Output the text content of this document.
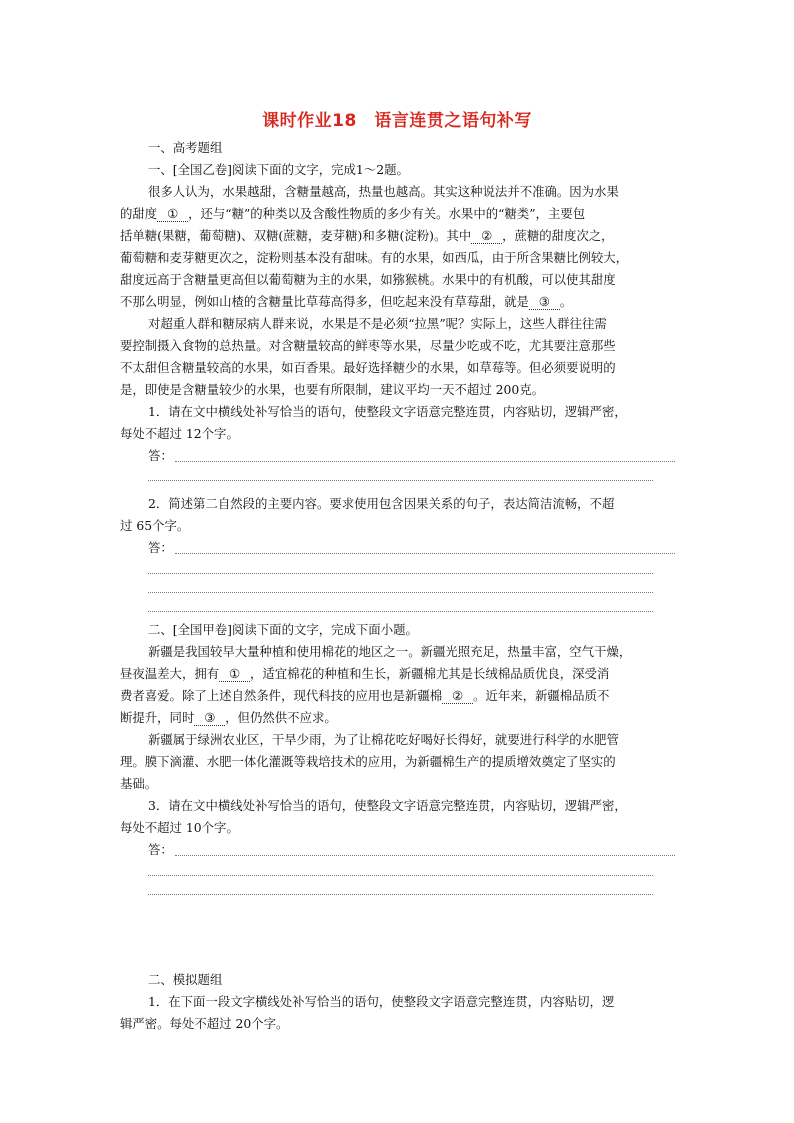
课时作业18　语言连贯之语句补写
一、高考题组
一、[全国乙卷]阅读下面的文字，完成1～2题。
很多人认为，水果越甜，含糖量越高，热量也越高。其实这种说法并不准确。因为水果
的甜度 ① ，还与“糖”的种类以及含酸性物质的多少有关。水果中的“糖类”，主要包
括单糖(果糖，葡萄糖)、双糖(蔗糖，麦芽糖)和多糖(淀粉)。其中 ② ，蔗糖的甜度次之，
葡萄糖和麦芽糖更次之，淀粉则基本没有甜味。有的水果，如西瓜，由于所含果糖比例较大，
甜度远高于含糖量更高但以葡萄糖为主的水果，如猕猴桃。水果中的有机酸，可以使其甜度
不那么明显，例如山楂的含糖量比草莓高得多，但吃起来没有草莓甜，就是 ③ 。
对超重人群和糖尿病人群来说，水果是不是必须“拉黑”呢？实际上，这些人群往往需
要控制摄入食物的总热量。对含糖量较高的鲜枣等水果，尽量少吃或不吃，尤其要注意那些
不太甜但含糖量较高的水果，如百香果。最好选择糖少的水果，如草莓等。但必须要说明的
是，即使是含糖量较少的水果，也要有所限制，建议平均一天不超过 200克。
1．请在文中横线处补写恰当的语句，使整段文字语意完整连贯，内容贴切，逻辑严密，
每处不超过 12个字。
答：
2．简述第二自然段的主要内容。要求使用包含因果关系的句子，表达简洁流畅，不超
过 65个字。
答：
二、[全国甲卷]阅读下面的文字，完成下面小题。
新疆是我国较早大量种植和使用棉花的地区之一。新疆光照充足，热量丰富，空气干燥，
昼夜温差大，拥有 ① ，适宜棉花的种植和生长，新疆棉尤其是长绒棉品质优良，深受消
费者喜爱。除了上述自然条件，现代科技的应用也是新疆棉 ② 。近年来，新疆棉品质不
断提升，同时 ③ ，但仍然供不应求。
新疆属于绿洲农业区，干旱少雨，为了让棉花吃好喝好长得好，就要进行科学的水肥管
理。膜下滴灌、水肥一体化灌溉等栽培技术的应用，为新疆棉生产的提质增效奠定了坚实的
基础。
3．请在文中横线处补写恰当的语句，使整段文字语意完整连贯，内容贴切，逻辑严密，
每处不超过 10个字。
答：
二、模拟题组
1．在下面一段文字横线处补写恰当的语句，使整段文字语意完整连贯，内容贴切，逻
辑严密。每处不超过 20个字。
